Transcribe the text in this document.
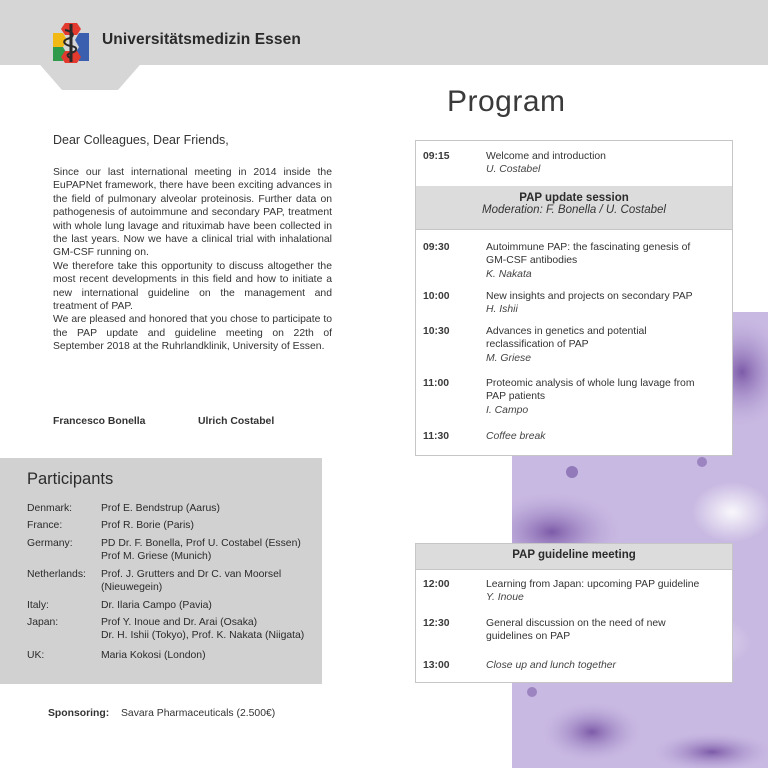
Universitätsmedizin Essen
Program
Dear Colleagues, Dear Friends,

Since our last international meeting in 2014 inside the EuPAPNet framework, there have been exciting advances in the field of pulmonary alveolar proteinosis. Further data on pathogenesis of autoimmune and secondary PAP, treatment with whole lung lavage and rituximab have been collected in the last years. Now we have a clinical trial with inhalational GM-CSF running on.

We therefore take this opportunity to discuss altogether the most recent developments in this field and how to initiate a new international guideline on the management and treatment of PAP.

We are pleased and honored that you chose to participate to the PAP update and guideline meeting on 22th of September 2018 at the Ruhrlandklinik, University of Essen.

Francesco Bonella	Ulrich Costabel
Participants
Denmark:	Prof E. Bendstrup (Aarus)
France:	Prof R. Borie (Paris)
Germany:	PD Dr. F. Bonella, Prof U. Costabel (Essen)
Prof M. Griese (Munich)
Netherlands:	Prof. J. Grutters and Dr C. van Moorsel
(Nieuwegein)
Italy:	Dr. Ilaria Campo (Pavia)
Japan:	Prof Y. Inoue and Dr. Arai (Osaka)
Dr. H. Ishii (Tokyo), Prof. K. Nakata (Niigata)
UK:	Maria Kokosi (London)
Sponsoring: Savara Pharmaceuticals (2.500€)
09:15	Welcome and introduction
U. Costabel
PAP update session
Moderation: F. Bonella / U. Costabel
09:30	Autoimmune PAP: the fascinating genesis of
GM-CSF antibodies
K. Nakata
10:00	New insights and projects on secondary PAP
H. Ishii
10:30	Advances in genetics and potential
reclassification of PAP
M. Griese
11:00	Proteomic analysis of whole lung lavage from
PAP patients
I. Campo
11:30	Coffee break
PAP guideline meeting
12:00	Learning from Japan: upcoming PAP guideline
Y. Inoue
12:30	General discussion on the need of new
guidelines on PAP
13:00	Close up and lunch together
